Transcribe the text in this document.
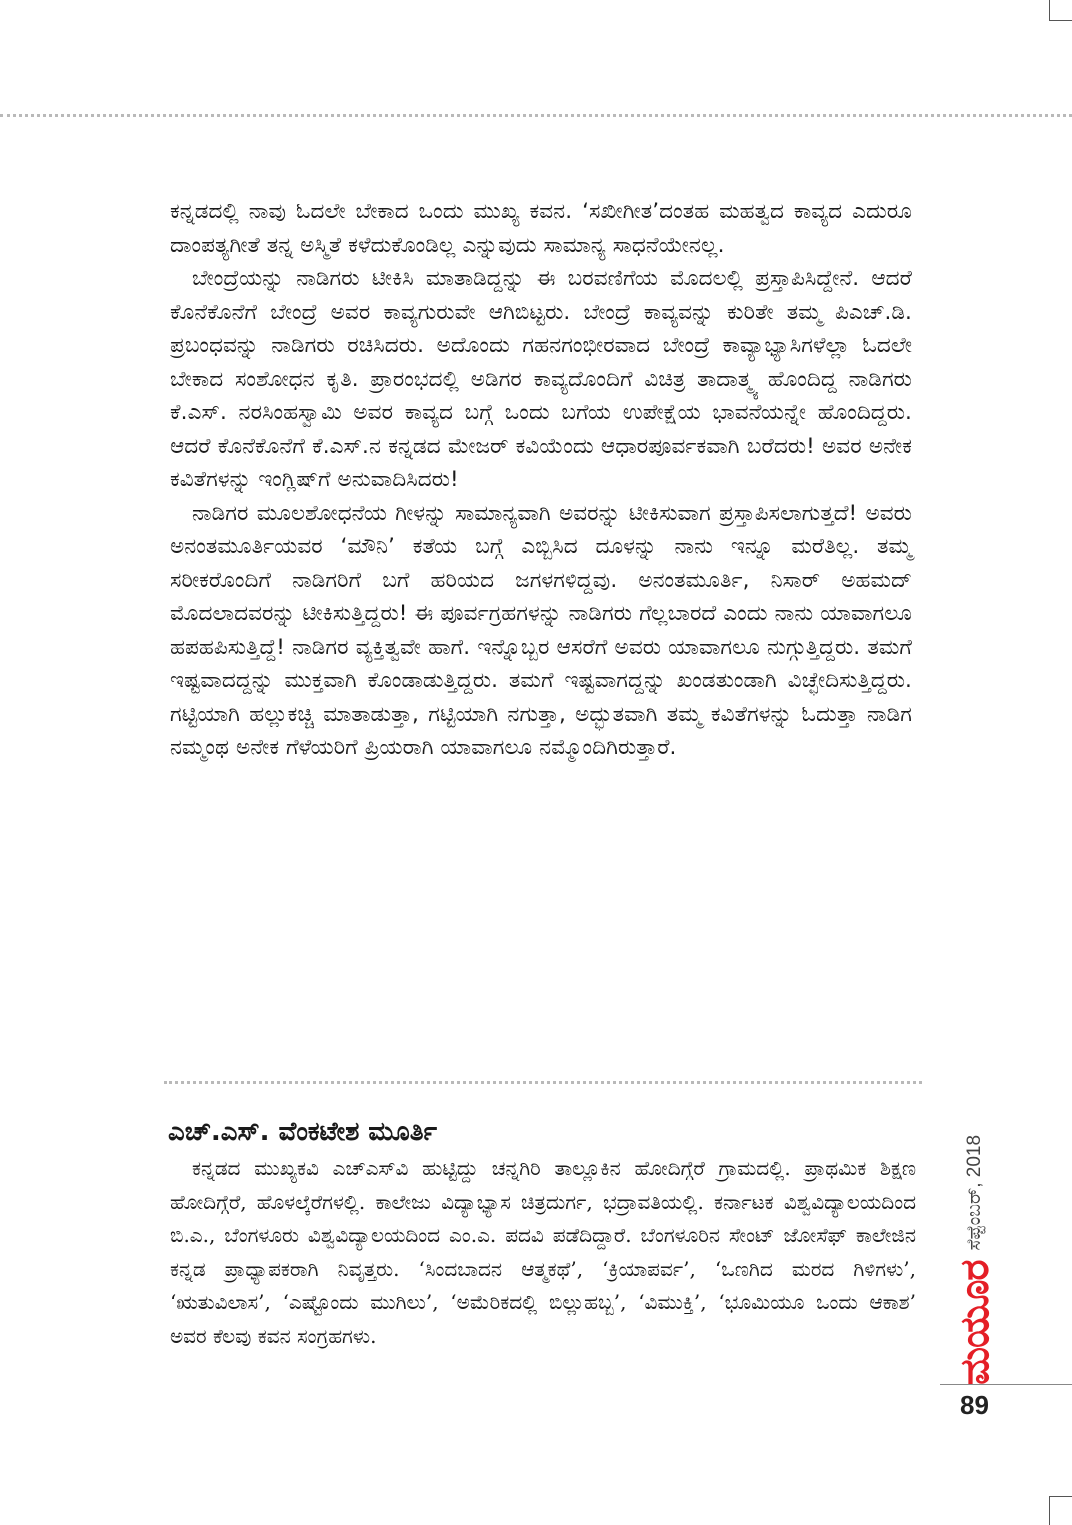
ಕನ್ನಡದಲ್ಲಿ ನಾವು ಓದಲೇ ಬೇಕಾದ ಒಂದು ಮುಖ್ಯ ಕವನ. ‘ಸಖೀಗೀತ’ದಂತಹ ಮಹತ್ವದ ಕಾವ್ಯದ ಎದುರೂ ದಾಂಪತ್ಯಗೀತೆ ತನ್ನ ಅಸ್ಮಿತೆ ಕಳೆದುಕೊಂಡಿಲ್ಲ ಎನ್ನುವುದು ಸಾಮಾನ್ಯ ಸಾಧನೆಯೇನಲ್ಲ.

ಬೇಂದ್ರೆಯನ್ನು ನಾಡಿಗರು ಟೀಕಿಸಿ ಮಾತಾಡಿದ್ದನ್ನು ಈ ಬರವಣಿಗೆಯ ಮೊದಲಲ್ಲಿ ಪ್ರಸ್ತಾಪಿಸಿದ್ದೇನೆ. ಆದರೆ ಕೊನೆಕೊನೆಗೆ ಬೇಂದ್ರೆ ಅವರ ಕಾವ್ಯಗುರುವೇ ಆಗಿಬಿಟ್ಟರು. ಬೇಂದ್ರೆ ಕಾವ್ಯವನ್ನು ಕುರಿತೇ ತಮ್ಮ ಪಿಎಚ್.ಡಿ. ಪ್ರಬಂಧವನ್ನು ನಾಡಿಗರು ರಚಿಸಿದರು. ಅದೊಂದು ಗಹನಗಂಭೀರವಾದ ಬೇಂದ್ರೆ ಕಾವ್ಯಾಭ್ಯಾಸಿಗಳೆಲ್ಲಾ ಓದಲೇ ಬೇಕಾದ ಸಂಶೋಧನ ಕೃತಿ. ಪ್ರಾರಂಭದಲ್ಲಿ ಅಡಿಗರ ಕಾವ್ಯದೊಂದಿಗೆ ವಿಚಿತ್ರ ತಾದಾತ್ಮ್ಯ ಹೊಂದಿದ್ದ ನಾಡಿಗರು ಕೆ.ಎಸ್. ನರಸಿಂಹಸ್ವಾಮಿ ಅವರ ಕಾವ್ಯದ ಬಗ್ಗೆ ಒಂದು ಬಗೆಯ ಉಪೇಕ್ಷೆಯ ಭಾವನೆಯನ್ನೇ ಹೊಂದಿದ್ದರು. ಆದರೆ ಕೊನೆಕೊನೆಗೆ ಕೆ.ಎಸ್.ನ ಕನ್ನಡದ ಮೇಜರ್ ಕವಿಯೆಂದು ಆಧಾರಪೂರ್ವಕವಾಗಿ ಬರೆದರು! ಅವರ ಅನೇಕ ಕವಿತೆಗಳನ್ನು ಇಂಗ್ಲಿಷ್‌ಗೆ ಅನುವಾದಿಸಿದರು!

ನಾಡಿಗರ ಮೂಲಶೋಧನೆಯ ಗೀಳನ್ನು ಸಾಮಾನ್ಯವಾಗಿ ಅವರನ್ನು ಟೀಕಿಸುವಾಗ ಪ್ರಸ್ತಾಪಿಸಲಾಗುತ್ತದೆ! ಅವರು ಅನಂತಮೂರ್ತಿಯವರ ‘ಮೌನಿ’ ಕತೆಯ ಬಗ್ಗೆ ಎಬ್ಬಿಸಿದ ದೂಳನ್ನು ನಾನು ಇನ್ನೂ ಮರೆತಿಲ್ಲ. ತಮ್ಮ ಸರೀಕರೊಂದಿಗೆ ನಾಡಿಗರಿಗೆ ಬಗೆ ಹರಿಯದ ಜಗಳಗಳಿದ್ದವು. ಅನಂತಮೂರ್ತಿ, ನಿಸಾರ್ ಅಹಮದ್ ಮೊದಲಾದವರನ್ನು ಟೀಕಿಸುತ್ತಿದ್ದರು! ಈ ಪೂರ್ವಗ್ರಹಗಳನ್ನು ನಾಡಿಗರು ಗೆಲ್ಲಬಾರದೆ ಎಂದು ನಾನು ಯಾವಾಗಲೂ ಹಪಹಪಿಸುತ್ತಿದ್ದೆ! ನಾಡಿಗರ ವ್ಯಕ್ತಿತ್ವವೇ ಹಾಗೆ. ಇನ್ನೊಬ್ಬರ ಆಸರೆಗೆ ಅವರು ಯಾವಾಗಲೂ ನುಗ್ಗುತ್ತಿದ್ದರು. ತಮಗೆ ಇಷ್ಟವಾದದ್ದನ್ನು ಮುಕ್ತವಾಗಿ ಕೊಂಡಾಡುತ್ತಿದ್ದರು. ತಮಗೆ ಇಷ್ಟವಾಗದ್ದನ್ನು ಖಂಡತುಂಡಾಗಿ ವಿಚ್ಛೇದಿಸುತ್ತಿದ್ದರು. ಗಟ್ಟಿಯಾಗಿ ಹಲ್ಲುಕಚ್ಚಿ ಮಾತಾಡುತ್ತಾ, ಗಟ್ಟಿಯಾಗಿ ನಗುತ್ತಾ, ಅದ್ಭುತವಾಗಿ ತಮ್ಮ ಕವಿತೆಗಳನ್ನು ಓದುತ್ತಾ ನಾಡಿಗ ನಮ್ಮಂಥ ಅನೇಕ ಗೆಳೆಯರಿಗೆ ಪ್ರಿಯರಾಗಿ ಯಾವಾಗಲೂ ನಮ್ಮೊಂದಿಗಿರುತ್ತಾರೆ.

ಎಚ್.ಎಸ್. ವೆಂಕಟೇಶ ಮೂರ್ತಿ
ಕನ್ನಡದ ಮುಖ್ಯಕವಿ ಎಚ್‌ಎಸ್‌ವಿ ಹುಟ್ಟಿದ್ದು ಚನ್ನಗಿರಿ ತಾಲ್ಲೂಕಿನ ಹೋದಿಗ್ಗೆರೆ ಗ್ರಾಮದಲ್ಲಿ. ಪ್ರಾಥಮಿಕ ಶಿಕ್ಷಣ ಹೋದಿಗ್ಗೆರೆ, ಹೊಳಲ್ಕೆರೆಗಳಲ್ಲಿ. ಕಾಲೇಜು ವಿದ್ಯಾಭ್ಯಾಸ ಚಿತ್ರದುರ್ಗ, ಭದ್ರಾವತಿಯಲ್ಲಿ. ಕರ್ನಾಟಕ ವಿಶ್ವವಿದ್ಯಾಲಯದಿಂದ ಬಿ.ಎ., ಬೆಂಗಳೂರು ವಿಶ್ವವಿದ್ಯಾಲಯದಿಂದ ಎಂ.ಎ. ಪದವಿ ಪಡೆದಿದ್ದಾರೆ. ಬೆಂಗಳೂರಿನ ಸೇಂಟ್ ಜೋಸೆಫ್ ಕಾಲೇಜಿನ ಕನ್ನಡ ಪ್ರಾಧ್ಯಾಪಕರಾಗಿ ನಿವೃತ್ತರು. ‘ಸಿಂದಬಾದನ ಆತ್ಮಕಥೆ’, ‘ಕ್ರಿಯಾಪರ್ವ’, ‘ಒಣಗಿದ ಮರದ ಗಿಳಿಗಳು’, ‘ಋತುವಿಲಾಸ’, ‘ಎಷ್ಟೊಂದು ಮುಗಿಲು’, ‘ಅಮೆರಿಕದಲ್ಲಿ ಬಿಲ್ಲುಹಬ್ಬ’, ‘ವಿಮುಕ್ತಿ’, ‘ಭೂಮಿಯೂ ಒಂದು ಆಕಾಶ’ ಅವರ ಕೆಲವು ಕವನ ಸಂಗ್ರಹಗಳು.	ಮಯೂರ
ಸೆಪ್ಟೆಂಬರ್, 2018
89
